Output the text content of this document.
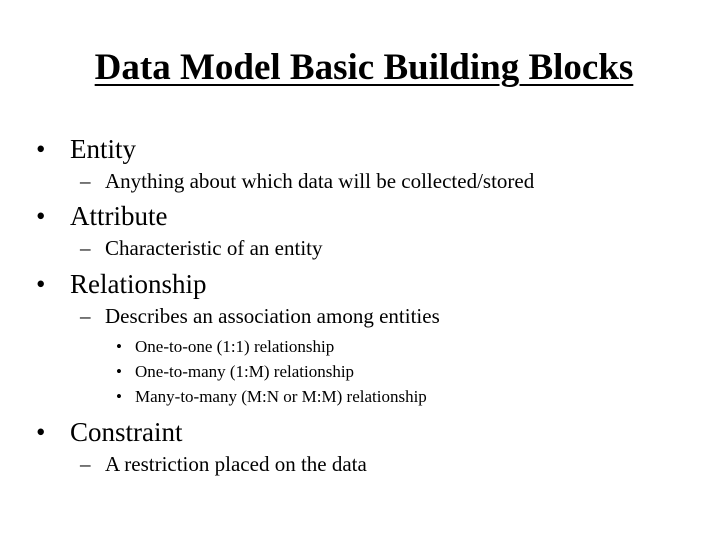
Data Model Basic Building Blocks
• Entity
– Anything about which data will be collected/stored
• Attribute
– Characteristic of an entity
• Relationship
– Describes an association among entities
• One-to-one (1:1) relationship
• One-to-many (1:M) relationship
• Many-to-many (M:N or M:M) relationship
• Constraint
– A restriction placed on the data
